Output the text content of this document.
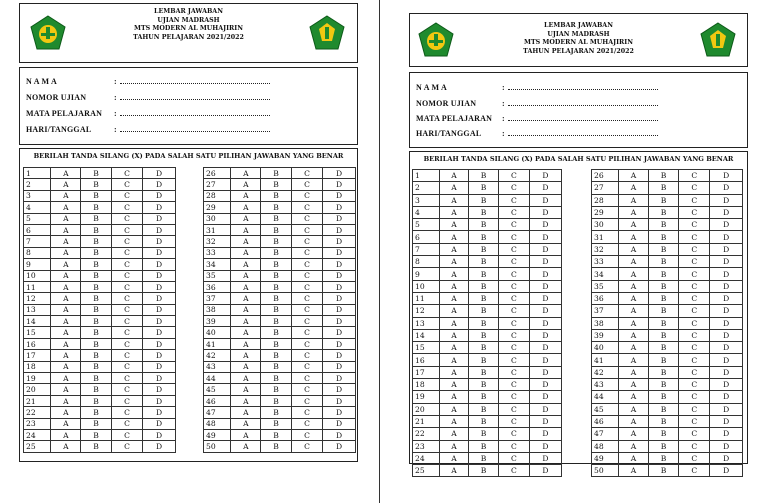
LEMBAR JAWABAN
UJIAN MADRASH
MTS MODERN AL MUHAJIRIN
TAHUN PELAJARAN 2021/2022
N A M A	:
NOMOR UJIAN	:
MATA PELAJARAN :
HARI/TANGGAL	:
BERILAH TANDA SILANG (X) PADA SALAH SATU PILIHAN JAWABAN YANG BENAR
1	A	B	C	D
2	A	B	C	D
3	A	B	C	D
4	A	B	C	D
5	A	B	C	D
6	A	B	C	D
7	A	B	C	D
8	A	B	C	D
9	A	B	C	D
10	A	B	C	D
11	A	B	C	D
12	A	B	C	D
13	A	B	C	D
14	A	B	C	D
15	A	B	C	D
16	A	B	C	D
17	A	B	C	D
18	A	B	C	D
19	A	B	C	D
20	A	B	C	D
21	A	B	C	D
22	A	B	C	D
23	A	B	C	D
24	A	B	C	D
25	A	B	C	D
26	A	B	C	D
27	A	B	C	D
28	A	B	C	D
29	A	B	C	D
30	A	B	C	D
31	A	B	C	D
32	A	B	C	D
33	A	B	C	D
34	A	B	C	D
35	A	B	C	D
36	A	B	C	D
37	A	B	C	D
38	A	B	C	D
39	A	B	C	D
40	A	B	C	D
41	A	B	C	D
42	A	B	C	D
43	A	B	C	D
44	A	B	C	D
45	A	B	C	D
46	A	B	C	D
47	A	B	C	D
48	A	B	C	D
49	A	B	C	D
50	A	B	C	D
LEMBAR JAWABAN
UJIAN MADRASH
MTS MODERN AL MUHAJIRIN
TAHUN PELAJARAN 2021/2022
N A M A	:
NOMOR UJIAN	:
MATA PELAJARAN :
HARI/TANGGAL	:
BERILAH TANDA SILANG (X) PADA SALAH SATU PILIHAN JAWABAN YANG BENAR
1	A	B	C	D
2	A	B	C	D
3	A	B	C	D
4	A	B	C	D
5	A	B	C	D
6	A	B	C	D
7	A	B	C	D
8	A	B	C	D
9	A	B	C	D
10	A	B	C	D
11	A	B	C	D
12	A	B	C	D
13	A	B	C	D
14	A	B	C	D
15	A	B	C	D
16	A	B	C	D
17	A	B	C	D
18	A	B	C	D
19	A	B	C	D
20	A	B	C	D
21	A	B	C	D
22	A	B	C	D
23	A	B	C	D
24	A	B	C	D
25	A	B	C	D
26	A	B	C	D
27	A	B	C	D
28	A	B	C	D
29	A	B	C	D
30	A	B	C	D
31	A	B	C	D
32	A	B	C	D
33	A	B	C	D
34	A	B	C	D
35	A	B	C	D
36	A	B	C	D
37	A	B	C	D
38	A	B	C	D
39	A	B	C	D
40	A	B	C	D
41	A	B	C	D
42	A	B	C	D
43	A	B	C	D
44	A	B	C	D
45	A	B	C	D
46	A	B	C	D
47	A	B	C	D
48	A	B	C	D
49	A	B	C	D
50	A	B	C	D
